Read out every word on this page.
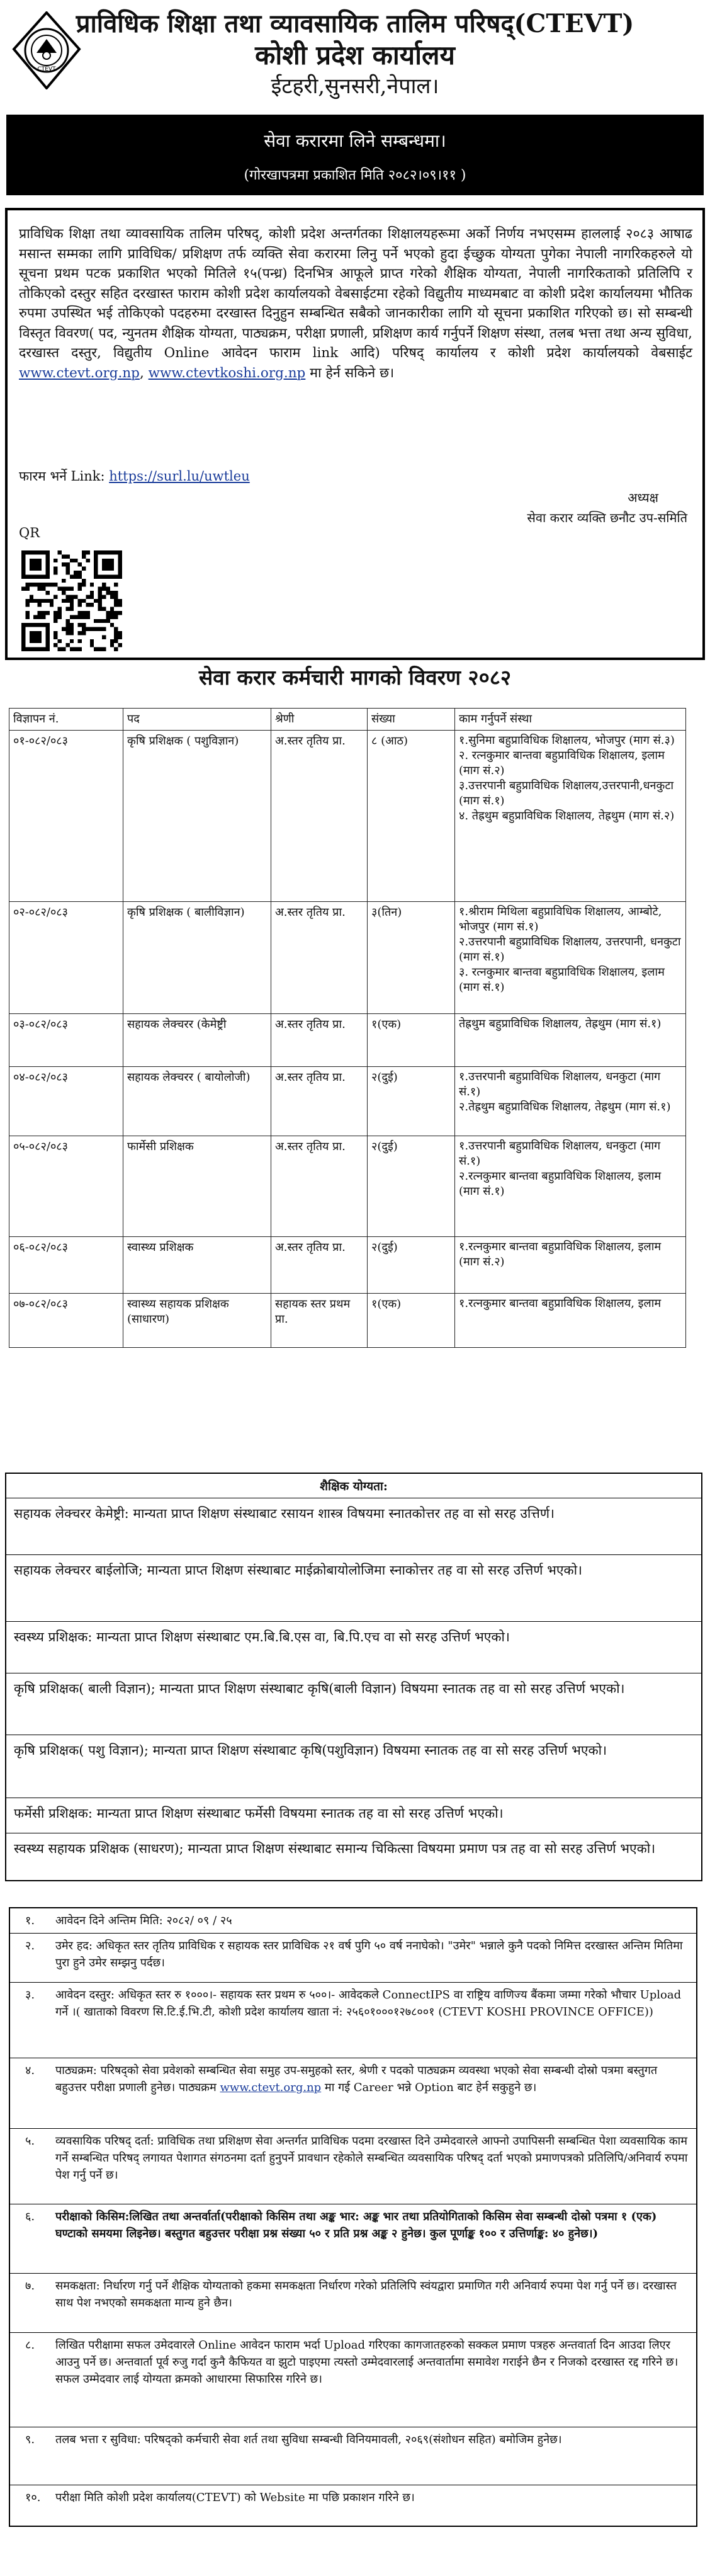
CTEVT
प्राविधिक शिक्षा तथा व्यावसायिक तालिम परिषद्(CTEVT)
कोशी प्रदेश कार्यालय
ईटहरी,सुनसरी,नेपाल।
सेवा करारमा लिने सम्बन्धमा।
(गोरखापत्रमा प्रकाशित मिति २०८२।०९।११ )
प्राविधिक शिक्षा तथा व्यावसायिक तालिम परिषद्, कोशी प्रदेश अन्तर्गतका शिक्षालयहरूमा अर्को निर्णय नभएसम्म हाललाई २०८३ आषाढ मसान्त सम्मका लागि प्राविधिक/ प्रशिक्षण तर्फ व्यक्ति सेवा करारमा लिनु पर्ने भएको हुदा ईच्छुक योग्यता पुगेका नेपाली नागरिकहरुले यो सूचना प्रथम पटक प्रकाशित भएको मितिले १५(पन्ध्र) दिनभित्र आफूले प्राप्त गरेको शैक्षिक योग्यता, नेपाली नागरिकताको प्रतिलिपि र तोकिएको दस्तुर सहित दरखास्त फाराम कोशी प्रदेश कार्यालयको वेबसाईटमा रहेको विद्युतीय माध्यमबाट वा कोशी प्रदेश कार्यालयमा भौतिक रुपमा उपस्थित भई तोकिएको पदहरुमा दरखास्त दिनुहुन सम्बन्धित सबैको जानकारीका लागि यो सूचना प्रकाशित गरिएको छ। सो सम्बन्धी विस्तृत विवरण( पद, न्युनतम शैक्षिक योग्यता, पाठ्यक्रम, परीक्षा प्रणाली, प्रशिक्षण कार्य गर्नुपर्ने शिक्षण संस्था, तलब भत्ता तथा अन्य सुविधा, दरखास्त दस्तुर, विद्युतीय Online आवेदन फाराम link आदि) परिषद् कार्यालय र कोशी प्रदेश कार्यालयको वेबसाईट www.ctevt.org.np, www.ctevtkoshi.org.np मा हेर्न सकिने छ।
फारम भर्ने Link: https://surl.lu/uwtleu
अध्यक्ष
सेवा करार व्यक्ति छनौट उप-समिति
QR
सेवा करार कर्मचारी मागको विवरण २०८२
विज्ञापन नं.	पद	श्रेणी	संख्या	काम गर्नुपर्ने संस्था
०१-०८२/०८३	कृषि प्रशिक्षक ( पशुविज्ञान)	अ.स्तर तृतिय प्रा.	८ (आठ)	१.सुनिमा बहुप्राविधिक शिक्षालय, भोजपुर (माग सं.३)
२. रत्नकुमार बान्तवा बहुप्राविधिक शिक्षालय, इलाम (माग सं.२)
३.उत्तरपानी बहुप्राविधिक शिक्षालय,उत्तरपानी,धनकुटा (माग सं.१)
४. तेह्रथुम बहुप्राविधिक शिक्षालय, तेह्रथुम (माग सं.२)

०२-०८२/०८३	कृषि प्रशिक्षक ( बालीविज्ञान)	अ.स्तर तृतिय प्रा.	३(तिन)	१.श्रीराम मिथिला बहुप्राविधिक शिक्षालय, आम्बोटे, भोजपुर (माग सं.१)
२.उत्तरपानी बहुप्राविधिक शिक्षालय, उत्तरपानी, धनकुटा (माग सं.१)
३. रत्नकुमार बान्तवा बहुप्राविधिक शिक्षालय, इलाम (माग सं.१)

०३-०८२/०८३	सहायक लेक्चरर (केमेष्ट्री	अ.स्तर तृतिय प्रा.	१(एक)	तेह्रथुम बहुप्राविधिक शिक्षालय, तेह्रथुम (माग सं.१)

०४-०८२/०८३	सहायक लेक्चरर ( बायोलोजी)	अ.स्तर तृतिय प्रा.	२(दुई)	१.उत्तरपानी बहुप्राविधिक शिक्षालय, धनकुटा (माग सं.१)
२.तेह्रथुम बहुप्राविधिक शिक्षालय, तेह्रथुम (माग सं.१)

०५-०८२/०८३	फार्मेसी प्रशिक्षक	अ.स्तर तृतिय प्रा.	२(दुई)	१.उत्तरपानी बहुप्राविधिक शिक्षालय, धनकुटा (माग सं.१)
२.रत्नकुमार बान्तवा बहुप्राविधिक शिक्षालय, इलाम (माग सं.१)

०६-०८२/०८३	स्वास्थ्य प्रशिक्षक	अ.स्तर तृतिय प्रा.	२(दुई)	१.रत्नकुमार बान्तवा बहुप्राविधिक शिक्षालय, इलाम (माग सं.२)

०७-०८२/०८३	स्वास्थ्य सहायक प्रशिक्षक (साधारण)	सहायक स्तर प्रथम प्रा.	१(एक)	१.रत्नकुमार बान्तवा बहुप्राविधिक शिक्षालय, इलाम
शैक्षिक योग्यता:
सहायक लेक्चरर केमेष्ट्री: मान्यता प्राप्त शिक्षण संस्थाबाट रसायन शास्त्र विषयमा स्नातकोत्तर तह वा सो सरह उत्तिर्ण।
सहायक लेक्चरर बाईलोजि; मान्यता प्राप्त शिक्षण संस्थाबाट माईक्रोबायोलोजिमा स्नाकोत्तर तह वा सो सरह उत्तिर्ण भएको।
स्वस्थ्य प्रशिक्षक: मान्यता प्राप्त शिक्षण संस्थाबाट एम.बि.बि.एस वा, बि.पि.एच वा सो सरह उत्तिर्ण भएको।
कृषि प्रशिक्षक( बाली विज्ञान); मान्यता प्राप्त शिक्षण संस्थाबाट कृषि(बाली विज्ञान) विषयमा स्नातक तह वा सो सरह उत्तिर्ण भएको।
कृषि प्रशिक्षक( पशु विज्ञान); मान्यता प्राप्त शिक्षण संस्थाबाट कृषि(पशुविज्ञान) विषयमा स्नातक तह वा सो सरह उत्तिर्ण भएको।
फर्मेसी प्रशिक्षक: मान्यता प्राप्त शिक्षण संस्थाबाट फर्मेसी विषयमा स्नातक तह वा सो सरह उत्तिर्ण भएको।
स्वस्थ्य सहायक प्रशिक्षक (साधरण); मान्यता प्राप्त शिक्षण संस्थाबाट समान्य चिकित्सा विषयमा प्रमाण पत्र तह वा सो सरह उत्तिर्ण भएको।
१.	आवेदन दिने अन्तिम मिति: २०८२/ ०९ / २५
२.	उमेर हद: अधिकृत स्तर तृतिय प्राविधिक र सहायक स्तर प्राविधिक २१ वर्ष पुगि ५० वर्ष ननाघेको। "उमेर" भन्नाले कुनै पदको निमित्त दरखास्त अन्तिम मितिमा पुरा हुने उमेर सम्झनु पर्दछ।
३.	आवेदन दस्तुर: अधिकृत स्तर रु १०००।- सहायक स्तर प्रथम रु ५००।- आवेदकले ConnectIPS वा राष्ट्रिय वाणिज्य बैंकमा जम्मा गरेको भौचार Upload गर्ने ।( खाताको विवरण सि.टि.ई.भि.टी, कोशी प्रदेश कार्यालय खाता नं: २५६०१०००१२७८००१ (CTEVT KOSHI PROVINCE OFFICE))
४.	पाठ्यक्रम: परिषद्को सेवा प्रवेशको सम्बन्धित सेवा समुह उप-समुहको स्तर, श्रेणी र पदको पाठ्यक्रम व्यवस्था भएको सेवा सम्बन्धी दोस्रो पत्रमा बस्तुगत बहुउत्तर परीक्षा प्रणाली हुनेछ। पाठ्यक्रम www.ctevt.org.np मा गई Career भन्ने Option बाट हेर्न सकुहुने छ।
५.	व्यवसायिक परिषद् दर्ता: प्राविधिक तथा प्रशिक्षण सेवा अन्तर्गत प्राविधिक पदमा दरखास्त दिने उम्मेदवारले आफ्नो उपापिसनी सम्बन्धित पेशा व्यवसायिक काम गर्ने सम्बन्धित परिषद् लगायत पेशागत संगठनमा दर्ता हुनुपर्ने प्रावधान रहेकोले सम्बन्धित व्यवसायिक परिषद् दर्ता भएको प्रमाणपत्रको प्रतिलिपि/अनिवार्य रुपमा पेश गर्नु पर्ने छ।
६.	परीक्षाको किसिम:लिखित तथा अन्तर्वार्ता(परीक्षाको किसिम तथा अङ्क भार: अङ्क भार तथा प्रतियोगिताको किसिम सेवा सम्बन्धी दोस्रो पत्रमा १ (एक) घण्टाको समयमा लिइनेछ। बस्तुगत बहुउत्तर परीक्षा प्रश्न संख्या ५० र प्रति प्रश्न अङ्क २ हुनेछ। कुल पूर्णाङ्क १०० र उत्तिर्णाङ्क: ४० हुनेछ।)
७.	समकक्षता: निर्धारण गर्नु पर्ने शैक्षिक योग्यताको हकमा समकक्षता निर्धारण गरेको प्रतिलिपि स्वंयद्वारा प्रमाणित गरी अनिवार्य रुपमा पेश गर्नु पर्ने छ। दरखास्त साथ पेश नभएको समकक्षता मान्य हुने छैन।
८.	लिखित परीक्षामा सफल उमेदवारले Online आवेदन फाराम भर्दा Upload गरिएका कागजातहरुको सक्कल प्रमाण पत्रहरु अन्तवार्ता दिन आउदा लिएर आउनु पर्ने छ। अन्तवार्ता पूर्व रुजु गर्दा कुनै कैफियत वा झुटो पाइएमा त्यस्तो उम्मेदवारलाई अन्तवार्तामा समावेश गराईने छैन र निजको दरखास्त रद्द गरिने छ। सफल उम्मेदवार लाई योग्यता क्रमको आधारमा सिफारिस गरिने छ।
९.	तलब भत्ता र सुविधा: परिषद्को कर्मचारी सेवा शर्त तथा सुविधा सम्बन्धी विनियमावली, २०६९(संशोधन सहित) बमोजिम हुनेछ।
१०.	परीक्षा मिति कोशी प्रदेश कार्यालय(CTEVT) को Website मा पछि प्रकाशन गरिने छ।
